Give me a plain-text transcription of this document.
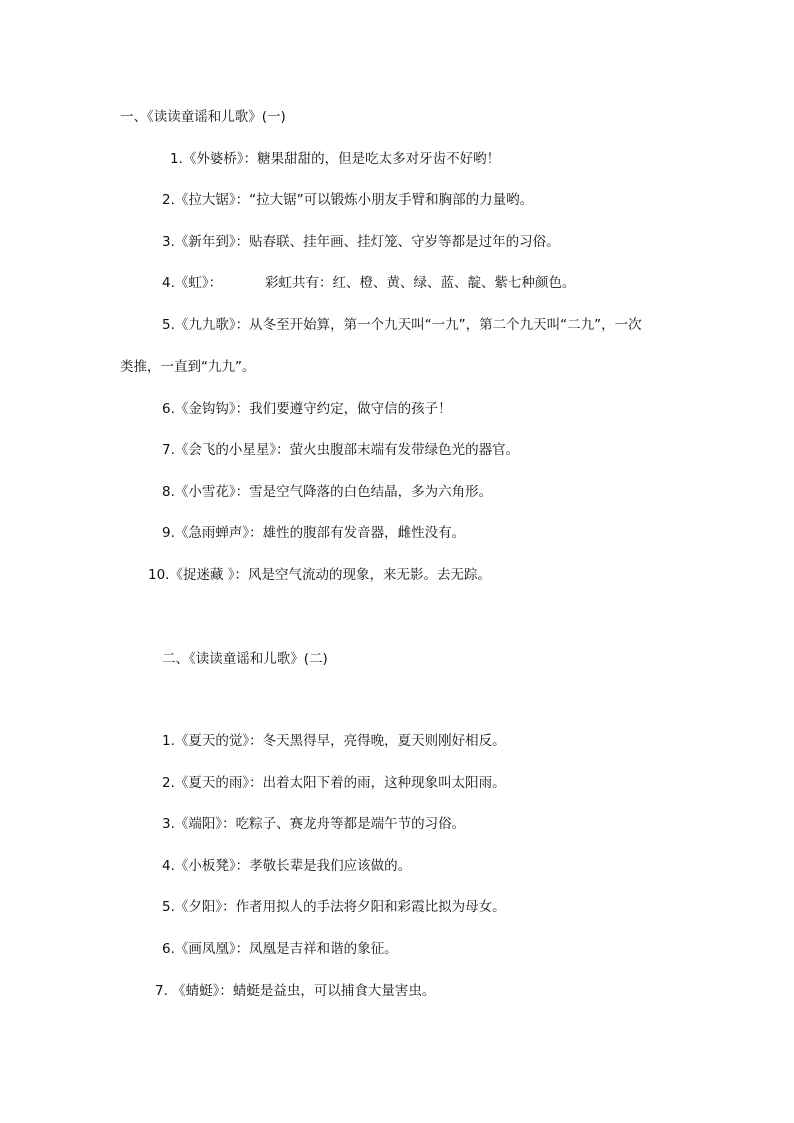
一、《读读童谣和儿歌》(一)
1.《外婆桥》：糖果甜甜的，但是吃太多对牙齿不好哟！
2.《拉大锯》：“拉大锯”可以锻炼小朋友手臂和胸部的力量哟。
3.《新年到》：贴春联、挂年画、挂灯笼、守岁等都是过年的习俗。
4.《虹》：          彩虹共有：红、橙、黄、绿、蓝、靛、紫七种颜色。
5.《九九歌》：从冬至开始算，第一个九天叫“一九”，第二个九天叫“二九”，一次
类推，一直到“九九”。
6.《金钩钩》：我们要遵守约定，做守信的孩子！
7.《会飞的小星星》：萤火虫腹部末端有发带绿色光的器官。
8.《小雪花》：雪是空气降落的白色结晶，多为六角形。
9.《急雨蝉声》：雄性的腹部有发音器，雌性没有。
10.《捉迷藏 》：风是空气流动的现象，来无影。去无踪。
二、《读读童谣和儿歌》(二)
1.《夏天的觉》：冬天黑得早，亮得晚，夏天则刚好相反。
2.《夏天的雨》：出着太阳下着的雨，这种现象叫太阳雨。
3.《端阳》：吃粽子、赛龙舟等都是端午节的习俗。
4.《小板凳》：孝敬长辈是我们应该做的。
5.《夕阳》：作者用拟人的手法将夕阳和彩霞比拟为母女。
6.《画凤凰》：凤凰是吉祥和谐的象征。
7. 《蜻蜓》：蜻蜓是益虫，可以捕食大量害虫。
